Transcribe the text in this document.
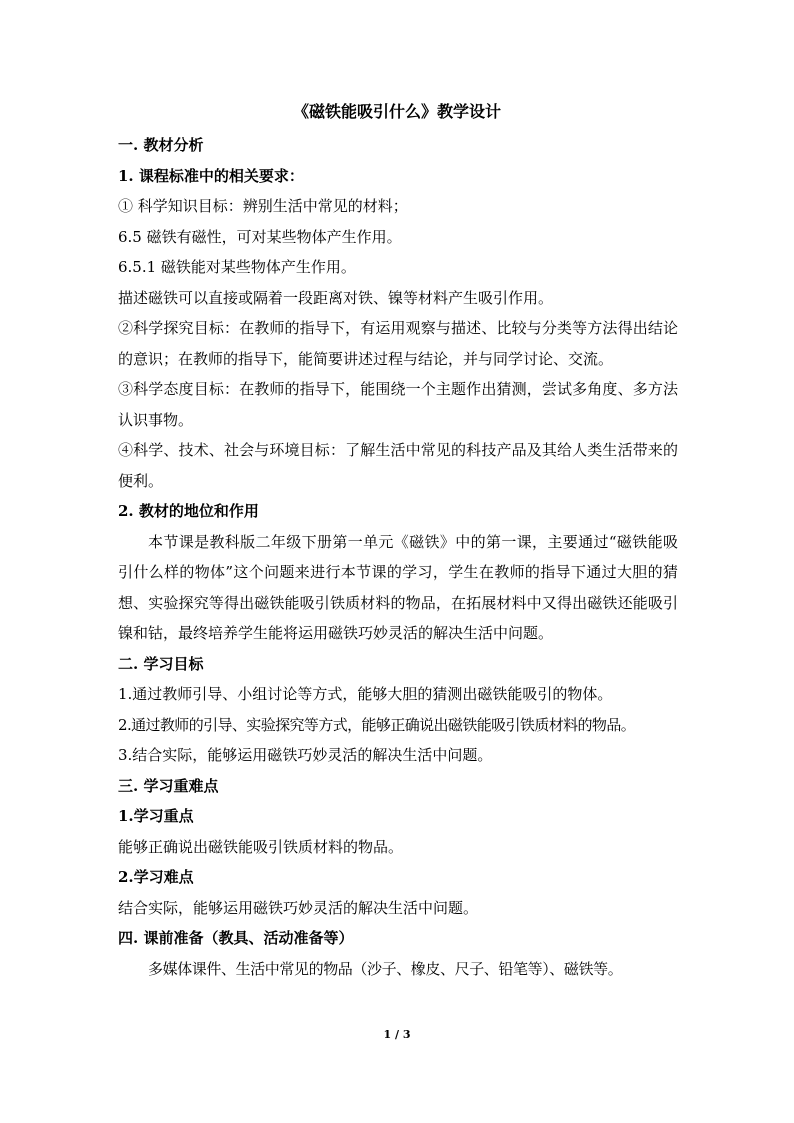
《磁铁能吸引什么》教学设计

一. 教材分析

1. 课程标准中的相关要求：

① 科学知识目标：辨别生活中常见的材料；

6.5 磁铁有磁性，可对某些物体产生作用。

6.5.1 磁铁能对某些物体产生作用。

描述磁铁可以直接或隔着一段距离对铁、镍等材料产生吸引作用。

②科学探究目标：在教师的指导下，有运用观察与描述、比较与分类等方法得出结论的意识；在教师的指导下，能简要讲述过程与结论，并与同学讨论、交流。

③科学态度目标：在教师的指导下，能围绕一个主题作出猜测，尝试多角度、多方法认识事物。

④科学、技术、社会与环境目标：了解生活中常见的科技产品及其给人类生活带来的便利。

2. 教材的地位和作用

本节课是教科版二年级下册第一单元《磁铁》中的第一课，主要通过“磁铁能吸引什么样的物体”这个问题来进行本节课的学习，学生在教师的指导下通过大胆的猜想、实验探究等得出磁铁能吸引铁质材料的物品，在拓展材料中又得出磁铁还能吸引镍和钴，最终培养学生能将运用磁铁巧妙灵活的解决生活中问题。

二. 学习目标

1.通过教师引导、小组讨论等方式，能够大胆的猜测出磁铁能吸引的物体。

2.通过教师的引导、实验探究等方式，能够正确说出磁铁能吸引铁质材料的物品。

3.结合实际，能够运用磁铁巧妙灵活的解决生活中问题。

三. 学习重难点

1.学习重点

能够正确说出磁铁能吸引铁质材料的物品。

2.学习难点

结合实际，能够运用磁铁巧妙灵活的解决生活中问题。

四. 课前准备（教具、活动准备等）

多媒体课件、生活中常见的物品（沙子、橡皮、尺子、铅笔等）、磁铁等。

1 / 3
